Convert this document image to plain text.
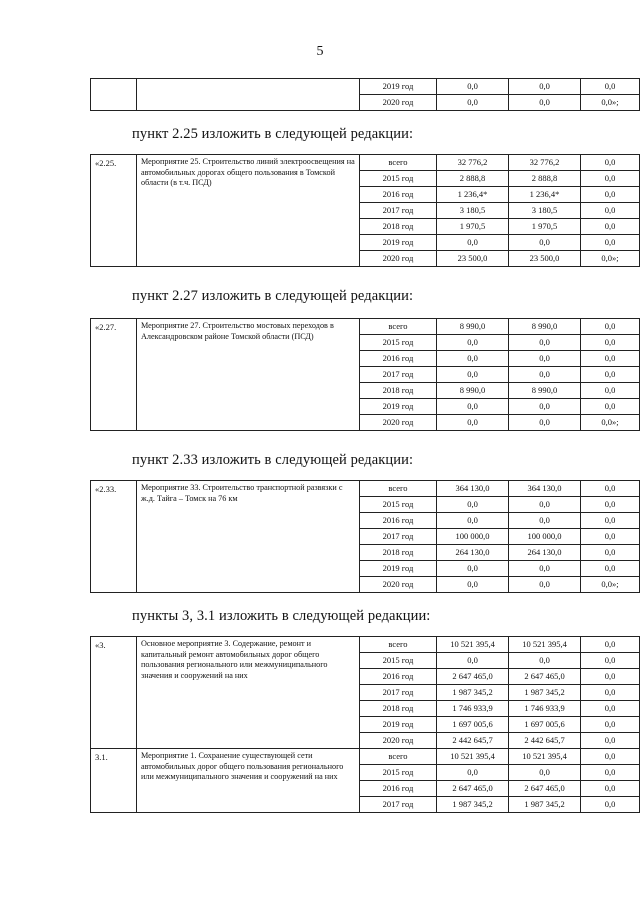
5
		2019 год	0,0	0,0	0,0
		2020 год	0,0	0,0	0,0»;
пункт 2.25 изложить в следующей редакции:
«2.25.	Мероприятие 25. Строительство линий электроосвещения на автомобильных дорогах общего пользования в Томской области (в т.ч. ПСД)	всего	32 776,2	32 776,2	0,0
		2015 год	2 888,8	2 888,8	0,0
		2016 год	1 236,4*	1 236,4*	0,0
		2017 год	3 180,5	3 180,5	0,0
		2018 год	1 970,5	1 970,5	0,0
		2019 год	0,0	0,0	0,0
		2020 год	23 500,0	23 500,0	0,0»;
пункт 2.27 изложить в следующей редакции:
«2.27.	Мероприятие 27. Строительство мостовых переходов в Александровском районе Томской области (ПСД)	всего	8 990,0	8 990,0	0,0
		2015 год	0,0	0,0	0,0
		2016 год	0,0	0,0	0,0
		2017 год	0,0	0,0	0,0
		2018 год	8 990,0	8 990,0	0,0
		2019 год	0,0	0,0	0,0
		2020 год	0,0	0,0	0,0»;
пункт 2.33 изложить в следующей редакции:
«2.33.	Мероприятие 33. Строительство транспортной развязки с ж.д. Тайга – Томск на 76 км	всего	364 130,0	364 130,0	0,0
		2015 год	0,0	0,0	0,0
		2016 год	0,0	0,0	0,0
		2017 год	100 000,0	100 000,0	0,0
		2018 год	264 130,0	264 130,0	0,0
		2019 год	0,0	0,0	0,0
		2020 год	0,0	0,0	0,0»;
пункты 3, 3.1 изложить в следующей редакции:
«3.	Основное мероприятие 3. Содержание, ремонт и капитальный ремонт автомобильных дорог общего пользования регионального или межмуниципального значения и сооружений на них	всего	10 521 395,4	10 521 395,4	0,0
		2015 год	0,0	0,0	0,0
		2016 год	2 647 465,0	2 647 465,0	0,0
		2017 год	1 987 345,2	1 987 345,2	0,0
		2018 год	1 746 933,9	1 746 933,9	0,0
		2019 год	1 697 005,6	1 697 005,6	0,0
		2020 год	2 442 645,7	2 442 645,7	0,0
3.1.	Мероприятие 1. Сохранение существующей сети автомобильных дорог общего пользования регионального или межмуниципального значения и сооружений на них	всего	10 521 395,4	10 521 395,4	0,0
		2015 год	0,0	0,0	0,0
		2016 год	2 647 465,0	2 647 465,0	0,0
		2017 год	1 987 345,2	1 987 345,2	0,0
